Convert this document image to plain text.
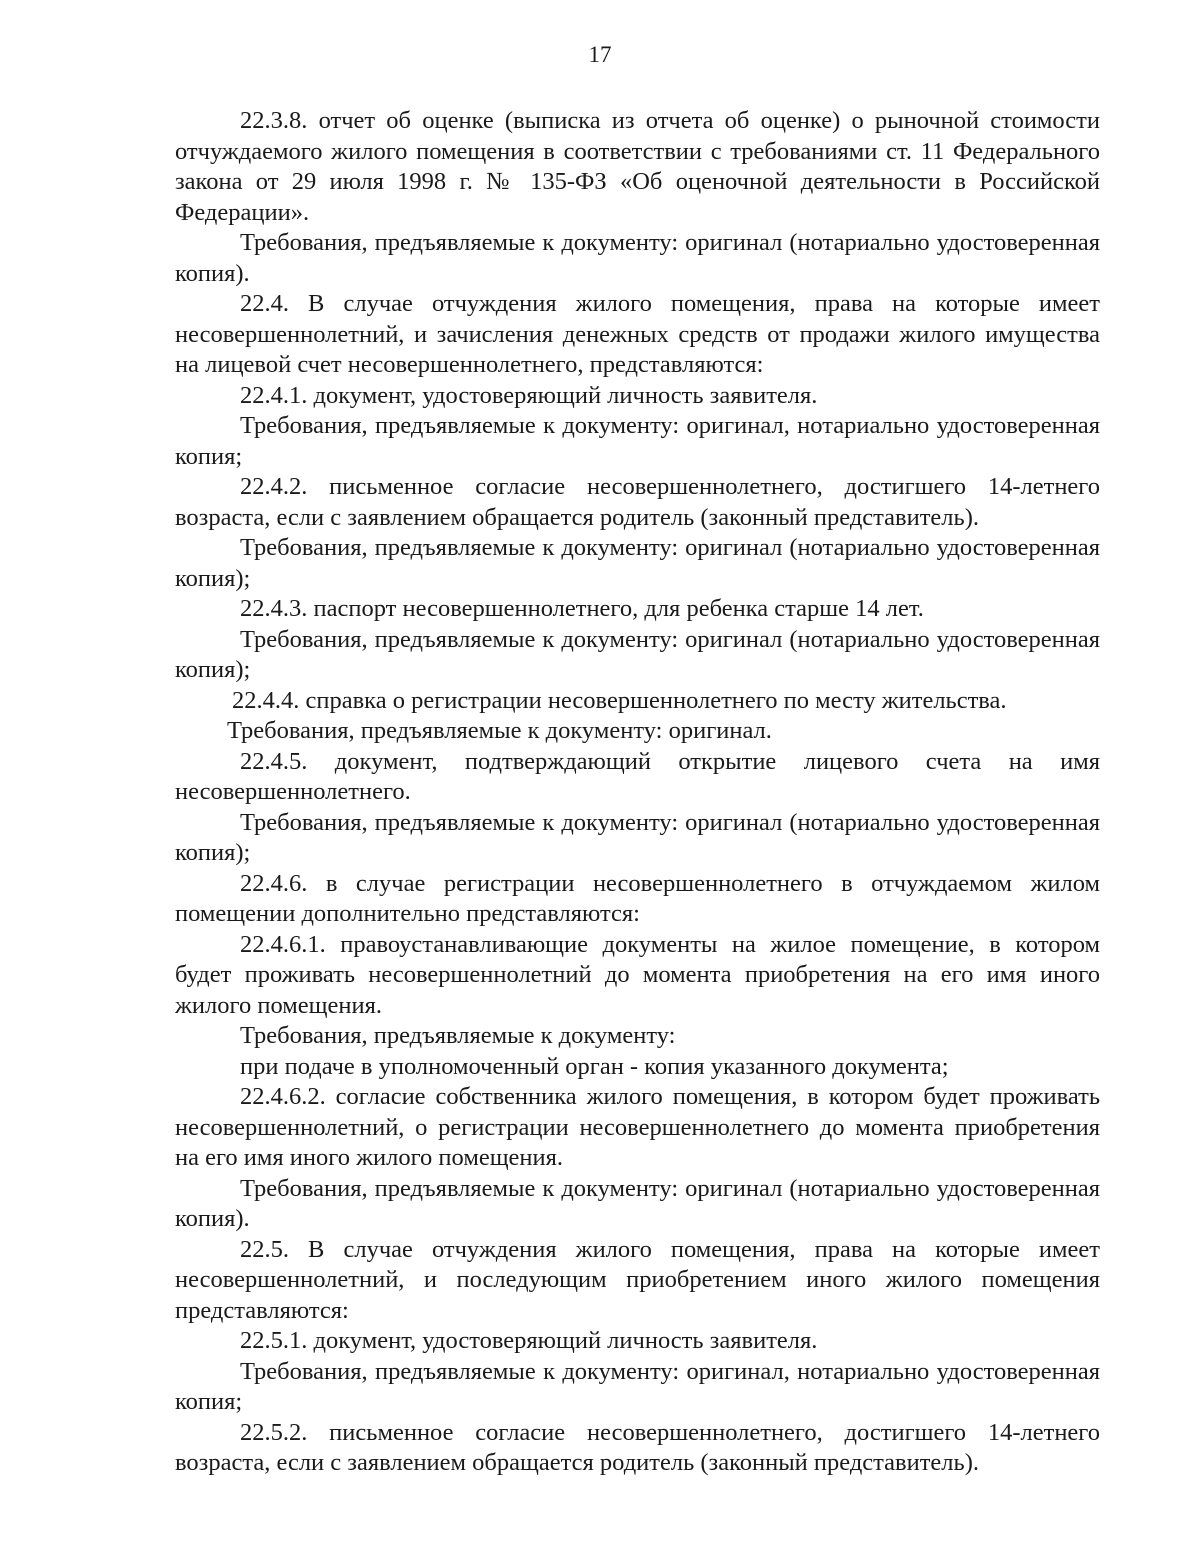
17

22.3.8. отчет об оценке (выписка из отчета об оценке) о рыночной стоимости отчуждаемого жилого помещения в соответствии с требованиями ст. 11 Федерального закона от 29 июля 1998 г. № 135-ФЗ «Об оценочной деятельности в Российской Федерации».

Требования, предъявляемые к документу: оригинал (нотариально удостоверенная копия).

22.4. В случае отчуждения жилого помещения, права на которые имеет несовершеннолетний, и зачисления денежных средств от продажи жилого имущества на лицевой счет несовершеннолетнего, представляются:

22.4.1. документ, удостоверяющий личность заявителя.

Требования, предъявляемые к документу: оригинал, нотариально удостоверенная копия;

22.4.2. письменное согласие несовершеннолетнего, достигшего 14-летнего возраста, если с заявлением обращается родитель (законный представитель).

Требования, предъявляемые к документу: оригинал (нотариально удостоверенная копия);

22.4.3. паспорт несовершеннолетнего, для ребенка старше 14 лет.

Требования, предъявляемые к документу: оригинал (нотариально удостоверенная копия);

22.4.4. справка о регистрации несовершеннолетнего по месту жительства.

Требования, предъявляемые к документу: оригинал.

22.4.5. документ, подтверждающий открытие лицевого счета на имя несовершеннолетнего.

Требования, предъявляемые к документу: оригинал (нотариально удостоверенная копия);

22.4.6. в случае регистрации несовершеннолетнего в отчуждаемом жилом помещении дополнительно представляются:

22.4.6.1. правоустанавливающие документы на жилое помещение, в котором будет проживать несовершеннолетний до момента приобретения на его имя иного жилого помещения.

Требования, предъявляемые к документу:

при подаче в уполномоченный орган - копия указанного документа;

22.4.6.2. согласие собственника жилого помещения, в котором будет проживать несовершеннолетний, о регистрации несовершеннолетнего до момента приобретения на его имя иного жилого помещения.

Требования, предъявляемые к документу: оригинал (нотариально удостоверенная копия).

22.5. В случае отчуждения жилого помещения, права на которые имеет несовершеннолетний, и последующим приобретением иного жилого помещения представляются:

22.5.1. документ, удостоверяющий личность заявителя.

Требования, предъявляемые к документу: оригинал, нотариально удостоверенная копия;

22.5.2. письменное согласие несовершеннолетнего, достигшего 14-летнего возраста, если с заявлением обращается родитель (законный представитель).
